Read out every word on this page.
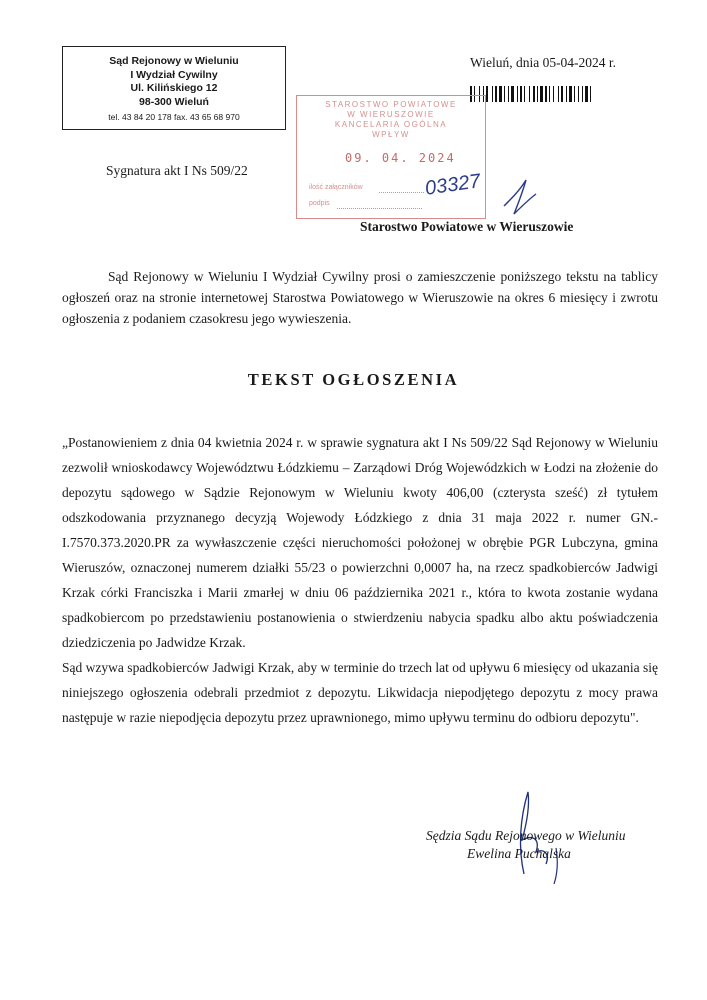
Sąd Rejonowy w Wieluniu
I Wydział Cywilny
Ul. Kilińskiego 12
98-300 Wieluń
tel. 43 84 20 178 fax. 43 65 68 970
Wieluń, dnia 05-04-2024 r.
STAROSTWO POWIATOWE
W WIERUSZOWIE
KANCELARIA OGÓLNA
WPŁYW
09. 04. 2024
ilość załączników
podpis
03327
Sygnatura akt I Ns 509/22
Starostwo Powiatowe w Wieruszowie
Sąd Rejonowy w Wieluniu I Wydział Cywilny prosi o zamieszczenie poniższego tekstu na tablicy ogłoszeń oraz na stronie internetowej Starostwa Powiatowego w Wieruszowie na okres 6 miesięcy i zwrotu ogłoszenia z podaniem czasokresu jego wywieszenia.
TEKST OGŁOSZENIA

„Postanowieniem z dnia 04 kwietnia 2024 r. w sprawie sygnatura akt I Ns 509/22 Sąd Rejonowy w Wieluniu zezwolił wnioskodawcy Województwu Łódzkiemu – Zarządowi Dróg Wojewódzkich w Łodzi na złożenie do depozytu sądowego w Sądzie Rejonowym w Wieluniu kwoty 406,00 (czterysta sześć) zł tytułem odszkodowania przyznanego decyzją Wojewody Łódzkiego z dnia 31 maja 2022 r. numer GN.-I.7570.373.2020.PR za wywłaszczenie części nieruchomości położonej w obrębie PGR Lubczyna, gmina Wieruszów, oznaczonej numerem działki 55/23 o powierzchni 0,0007 ha, na rzecz spadkobierców Jadwigi Krzak córki Franciszka i Marii zmarłej w dniu 06 października 2021 r., która to kwota zostanie wydana spadkobiercom po przedstawieniu postanowienia o stwierdzeniu nabycia spadku albo aktu poświadczenia dziedziczenia po Jadwidze Krzak.

Sąd wzywa spadkobierców Jadwigi Krzak, aby w terminie do trzech lat od upływu 6 miesięcy od ukazania się niniejszego ogłoszenia odebrali przedmiot z depozytu. Likwidacja niepodjętego depozytu z mocy prawa następuje w razie niepodjęcia depozytu przez uprawnionego, mimo upływu terminu do odbioru depozytu".

Sędzia Sądu Rejonowego w Wieluniu
Ewelina Puchalska
